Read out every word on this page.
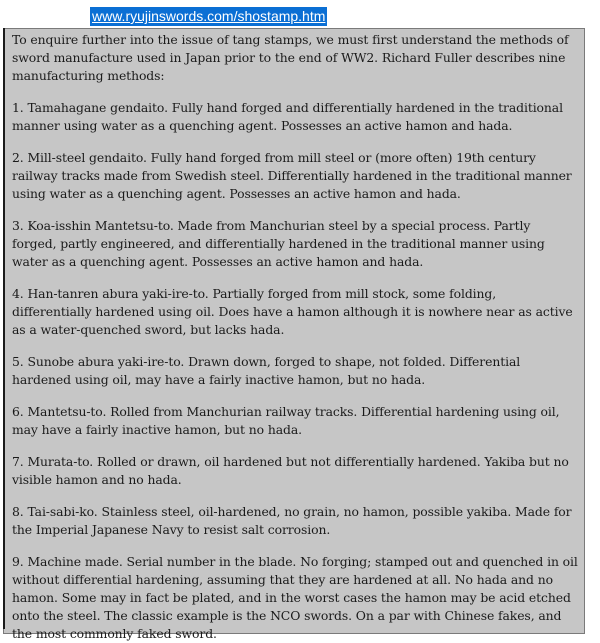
www.ryujinswords.com/shostamp.htm

To enquire further into the issue of tang stamps, we must first understand the methods of sword manufacture used in Japan prior to the end of WW2. Richard Fuller describes nine manufacturing methods:

1. Tamahagane gendaito. Fully hand forged and differentially hardened in the traditional manner using water as a quenching agent. Possesses an active hamon and hada.

2. Mill-steel gendaito. Fully hand forged from mill steel or (more often) 19th century railway tracks made from Swedish steel. Differentially hardened in the traditional manner using water as a quenching agent. Possesses an active hamon and hada.

3. Koa-isshin Mantetsu-to. Made from Manchurian steel by a special process. Partly forged, partly engineered, and differentially hardened in the traditional manner using water as a quenching agent. Possesses an active hamon and hada.

4. Han-tanren abura yaki-ire-to. Partially forged from mill stock, some folding, differentially hardened using oil. Does have a hamon although it is nowhere near as active as a water-quenched sword, but lacks hada.

5. Sunobe abura yaki-ire-to. Drawn down, forged to shape, not folded. Differential hardened using oil, may have a fairly inactive hamon, but no hada.

6. Mantetsu-to. Rolled from Manchurian railway tracks. Differential hardening using oil, may have a fairly inactive hamon, but no hada.

7. Murata-to. Rolled or drawn, oil hardened but not differentially hardened. Yakiba but no visible hamon and no hada.

8. Tai-sabi-ko. Stainless steel, oil-hardened, no grain, no hamon, possible yakiba. Made for the Imperial Japanese Navy to resist salt corrosion.

9. Machine made. Serial number in the blade. No forging; stamped out and quenched in oil without differential hardening, assuming that they are hardened at all. No hada and no hamon. Some may in fact be plated, and in the worst cases the hamon may be acid etched onto the steel. The classic example is the NCO swords. On a par with Chinese fakes, and the most commonly faked sword.
